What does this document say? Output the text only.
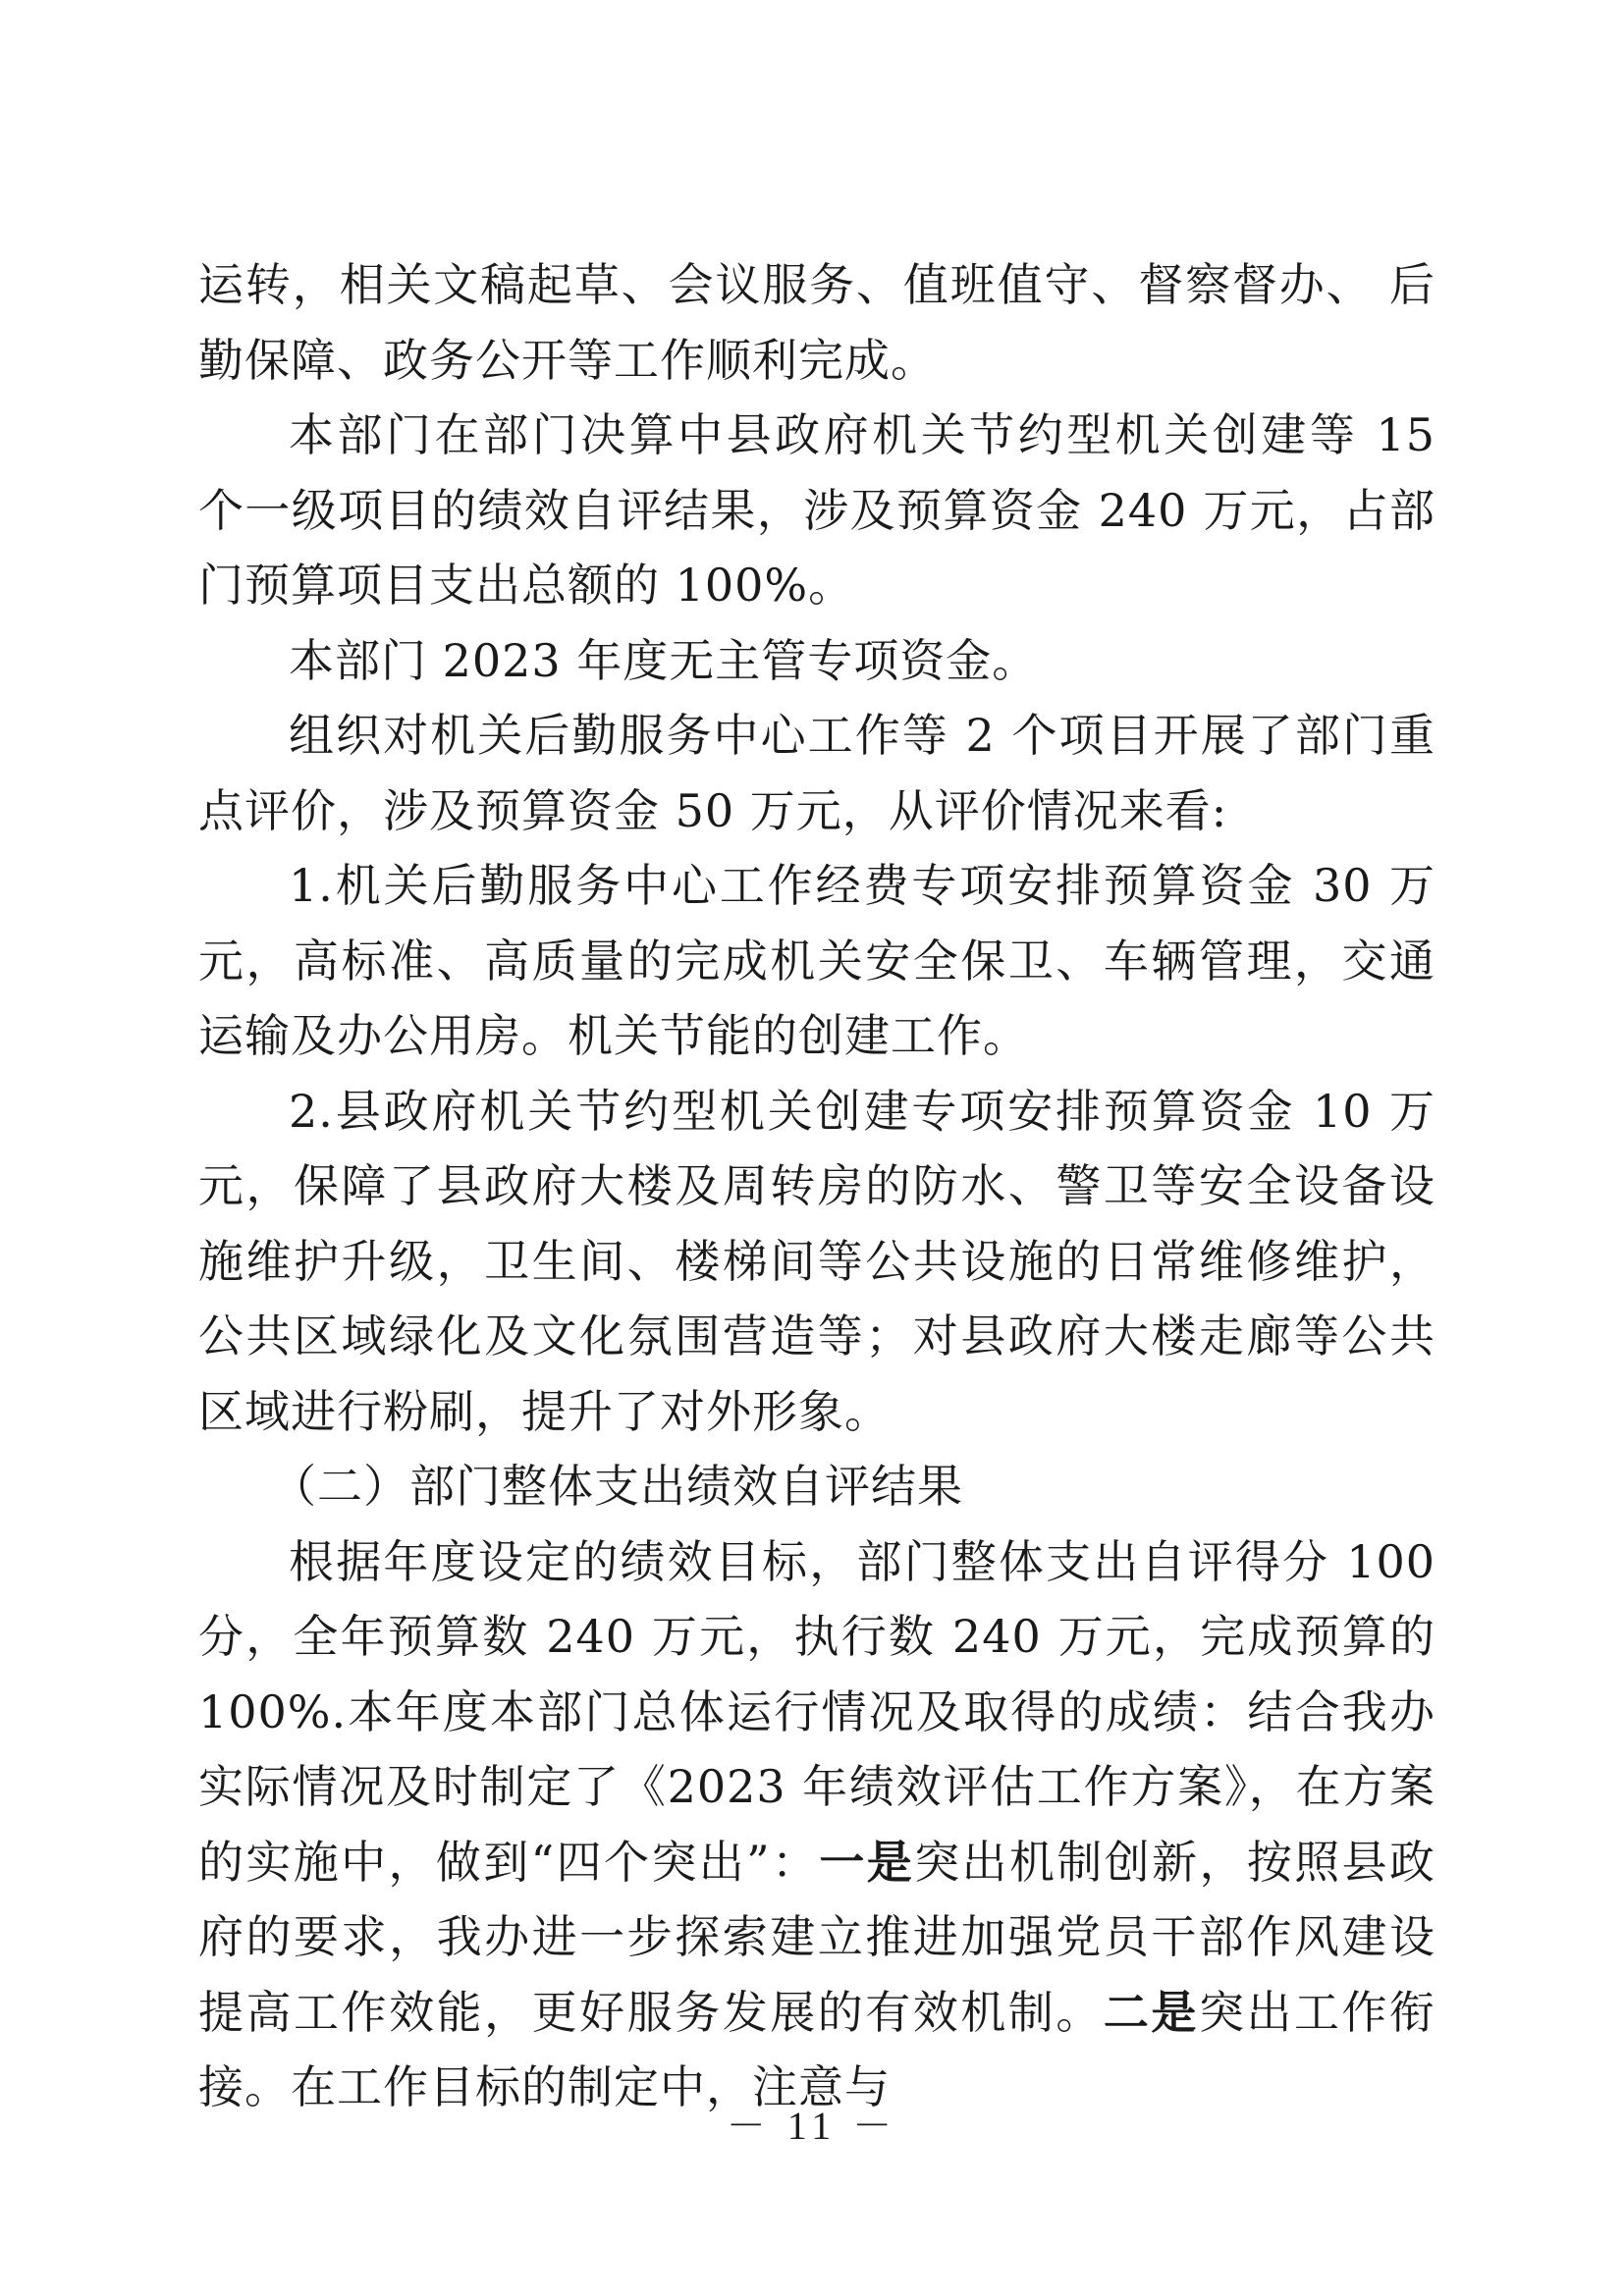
运转，相关文稿起草、会议服务、值班值守、督察督办、 后勤保障、政务公开等工作顺利完成。

本部门在部门决算中县政府机关节约型机关创建等 15 个一级项目的绩效自评结果，涉及预算资金 240 万元，占部门预算项目支出总额的 100%。

本部门 2023 年度无主管专项资金。

组织对机关后勤服务中心工作等 2 个项目开展了部门重点评价，涉及预算资金 50 万元，从评价情况来看:

1.机关后勤服务中心工作经费专项安排预算资金 30 万元，高标准、高质量的完成机关安全保卫、车辆管理，交通运输及办公用房。机关节能的创建工作。

2.县政府机关节约型机关创建专项安排预算资金 10 万元，保障了县政府大楼及周转房的防水、警卫等安全设备设施维护升级，卫生间、楼梯间等公共设施的日常维修维护，公共区域绿化及文化氛围营造等；对县政府大楼走廊等公共区域进行粉刷，提升了对外形象。

（二）部门整体支出绩效自评结果

根据年度设定的绩效目标，部门整体支出自评得分 100 分，全年预算数 240 万元，执行数 240 万元，完成预算的 100%.本年度本部门总体运行情况及取得的成绩：结合我办实际情况及时制定了《2023 年绩效评估工作方案》，在方案的实施中，做到“四个突出”：一是突出机制创新，按照县政府的要求，我办进一步探索建立推进加强党员干部作风建设提高工作效能，更好服务发展的有效机制。二是突出工作衔接。在工作目标的制定中，注意与

－ 11 －
